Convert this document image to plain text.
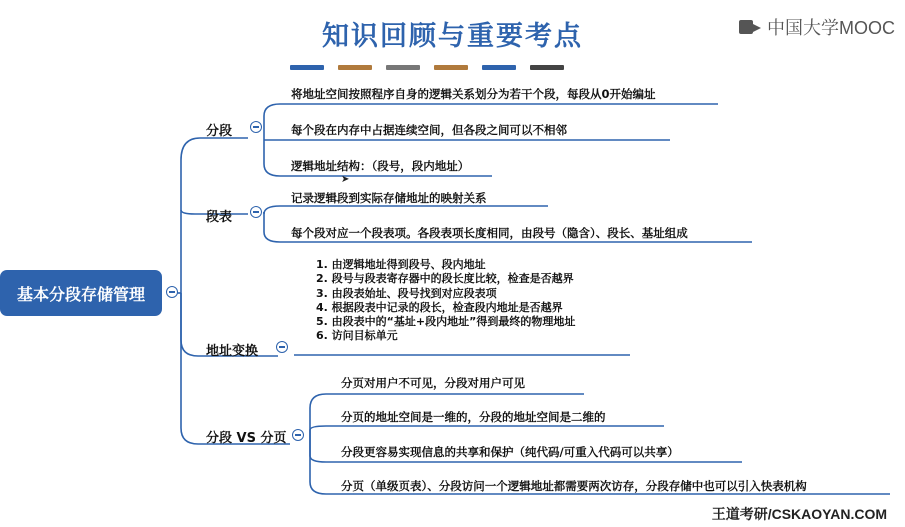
知识回顾与重要考点	中国大学MOOC
基本分段存储管理
分段
将地址空间按照程序自身的逻辑关系划分为若干个段，每段从0开始编址
每个段在内存中占据连续空间，但各段之间可以不相邻
逻辑地址结构：（段号，段内地址）
段表
记录逻辑段到实际存储地址的映射关系
每个段对应一个段表项。各段表项长度相同，由段号（隐含）、段长、基址组成
地址变换
1. 由逻辑地址得到段号、段内地址
2. 段号与段表寄存器中的段长度比较，检查是否越界
3. 由段表始址、段号找到对应段表项
4. 根据段表中记录的段长，检查段内地址是否越界
5. 由段表中的“基址+段内地址”得到最终的物理地址
6. 访问目标单元
分段 VS 分页
分页对用户不可见，分段对用户可见
分页的地址空间是一维的，分段的地址空间是二维的
分段更容易实现信息的共享和保护（纯代码/可重入代码可以共享）
分页（单级页表）、分段访问一个逻辑地址都需要两次访存，分段存储中也可以引入快表机构
➤
王道考研/CSKAOYAN.COM
